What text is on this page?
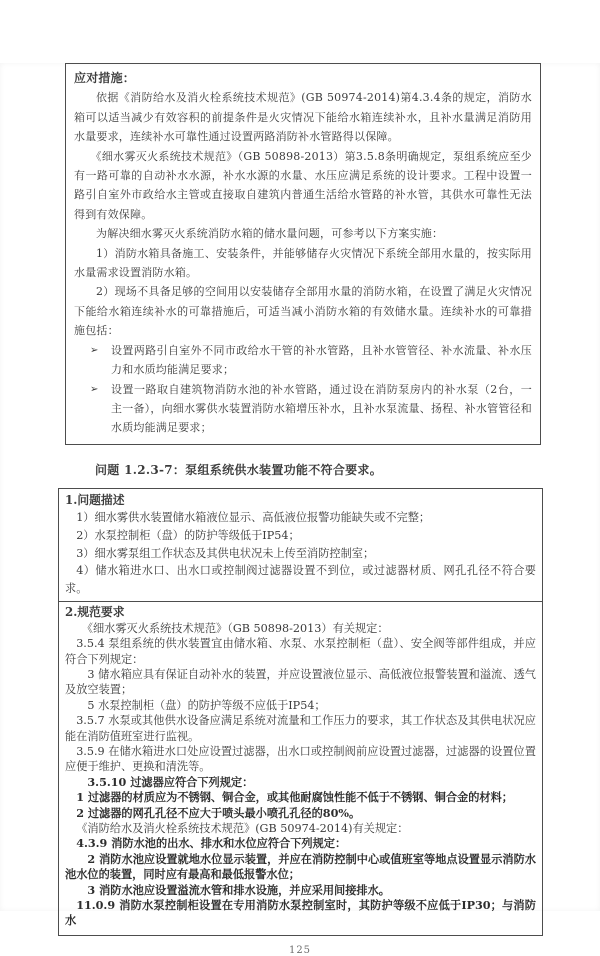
应对措施：
依据《消防给水及消火栓系统技术规范》(GB 50974-2014)第4.3.4条的规定，消防水箱可以适当减少有效容积的前提条件是火灾情况下能给水箱连续补水，且补水量满足消防用水量要求，连续补水可靠性通过设置两路消防补水管路得以保障。
《细水雾灭火系统技术规范》（GB 50898-2013）第3.5.8条明确规定，泵组系统应至少有一路可靠的自动补水水源，补水水源的水量、水压应满足系统的设计要求。工程中设置一路引自室外市政给水主管或直接取自建筑内普通生活给水管路的补水管，其供水可靠性无法得到有效保障。
为解决细水雾灭火系统消防水箱的储水量问题，可参考以下方案实施：
1）消防水箱具备施工、安装条件，并能够储存火灾情况下系统全部用水量的，按实际用水量需求设置消防水箱。
2）现场不具备足够的空间用以安装储存全部用水量的消防水箱，在设置了满足火灾情况下能给水箱连续补水的可靠措施后，可适当减小消防水箱的有效储水量。连续补水的可靠措施包括：
➢ 设置两路引自室外不同市政给水干管的补水管路，且补水管管径、补水流量、补水压力和水质均能满足要求；
➢ 设置一路取自建筑物消防水池的补水管路，通过设在消防泵房内的补水泵（2台，一主一备），向细水雾供水装置消防水箱增压补水，且补水泵流量、扬程、补水管管径和水质均能满足要求；
问题 1.2.3-7：泵组系统供水装置功能不符合要求。
1.问题描述
1）细水雾供水装置储水箱液位显示、高低液位报警功能缺失或不完整；
2）水泵控制柜（盘）的防护等级低于IP54；
3）细水雾泵组工作状态及其供电状况未上传至消防控制室；
4）储水箱进水口、出水口或控制阀过滤器设置不到位，或过滤器材质、网孔孔径不符合要求。
2.规范要求
《细水雾灭火系统技术规范》（GB 50898-2013）有关规定：
3.5.4 泵组系统的供水装置宜由储水箱、水泵、水泵控制柜（盘）、安全阀等部件组成，并应符合下列规定：
3 储水箱应具有保证自动补水的装置，并应设置液位显示、高低液位报警装置和溢流、透气及放空装置；
5 水泵控制柜（盘）的防护等级不应低于IP54；
3.5.7 水泵或其他供水设备应满足系统对流量和工作压力的要求，其工作状态及其供电状况应能在消防值班室进行监视。
3.5.9 在储水箱进水口处应设置过滤器，出水口或控制阀前应设置过滤器，过滤器的设置位置应便于维护、更换和清洗等。
3.5.10 过滤器应符合下列规定：
1 过滤器的材质应为不锈钢、铜合金，或其他耐腐蚀性能不低于不锈钢、铜合金的材料；
2 过滤器的网孔孔径不应大于喷头最小喷孔孔径的80%。
《消防给水及消火栓系统技术规范》(GB 50974-2014)有关规定：
4.3.9 消防水池的出水、排水和水位应符合下列规定：
2 消防水池应设置就地水位显示装置，并应在消防控制中心或值班室等地点设置显示消防水池水位的装置，同时应有最高和最低报警水位；
3 消防水池应设置溢流水管和排水设施，并应采用间接排水。
11.0.9 消防水泵控制柜设置在专用消防水泵控制室时，其防护等级不应低于IP30；与消防水
125
